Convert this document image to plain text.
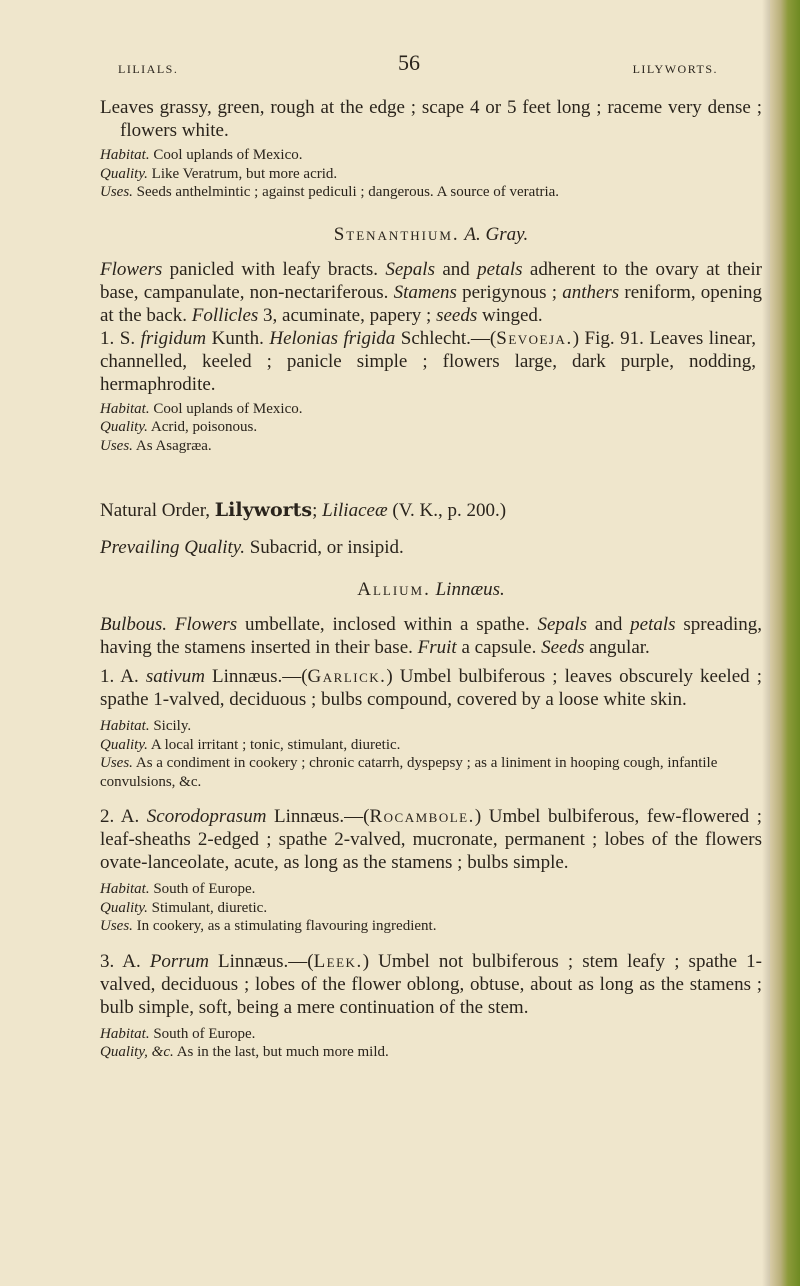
LILIALS.	56	LILYWORTS.

Leaves grassy, green, rough at the edge ; scape 4 or 5 feet long ; raceme very dense ; flowers white.

Habitat. Cool uplands of Mexico.

Quality. Like Veratrum, but more acrid.

Uses. Seeds anthelmintic ; against pediculi ; dangerous. A source of veratria.

Stenanthium. A. Gray.

Flowers panicled with leafy bracts. Sepals and petals adherent to the ovary at their base, campanulate, non-nectariferous. Stamens perigynous ; anthers reniform, opening at the back. Follicles 3, acuminate, papery ; seeds winged.

1. S. frigidum Kunth. Helonias frigida Schlecht.—(Sevoeja.) Fig. 91. Leaves linear, channelled, keeled ; panicle simple ; flowers large, dark purple, nodding, hermaphrodite.

Habitat. Cool uplands of Mexico.

Quality. Acrid, poisonous.

Uses. As Asagræa.

Natural Order, Lilyworts; Liliaceæ (V. K., p. 200.)

Prevailing Quality. Subacrid, or insipid.

Allium. Linnæus.

Bulbous. Flowers umbellate, inclosed within a spathe. Sepals and petals spreading, having the stamens inserted in their base. Fruit a capsule. Seeds angular.

1. A. sativum Linnæus.—(Garlick.) Umbel bulbiferous ; leaves obscurely keeled ; spathe 1-valved, deciduous ; bulbs compound, covered by a loose white skin.

Habitat. Sicily.

Quality. A local irritant ; tonic, stimulant, diuretic.

Uses. As a condiment in cookery ; chronic catarrh, dyspepsy ; as a liniment in hooping cough, infantile convulsions, &c.

2. A. Scorodoprasum Linnæus.—(Rocambole.) Umbel bulbiferous, few-flowered ; leaf-sheaths 2-edged ; spathe 2-valved, mucronate, permanent ; lobes of the flowers ovate-lanceolate, acute, as long as the stamens ; bulbs simple.

Habitat. South of Europe.

Quality. Stimulant, diuretic.

Uses. In cookery, as a stimulating flavouring ingredient.

3. A. Porrum Linnæus.—(Leek.) Umbel not bulbiferous ; stem leafy ; spathe 1-valved, deciduous ; lobes of the flower oblong, obtuse, about as long as the stamens ; bulb simple, soft, being a mere continuation of the stem.

Habitat. South of Europe.

Quality, &c. As in the last, but much more mild.
